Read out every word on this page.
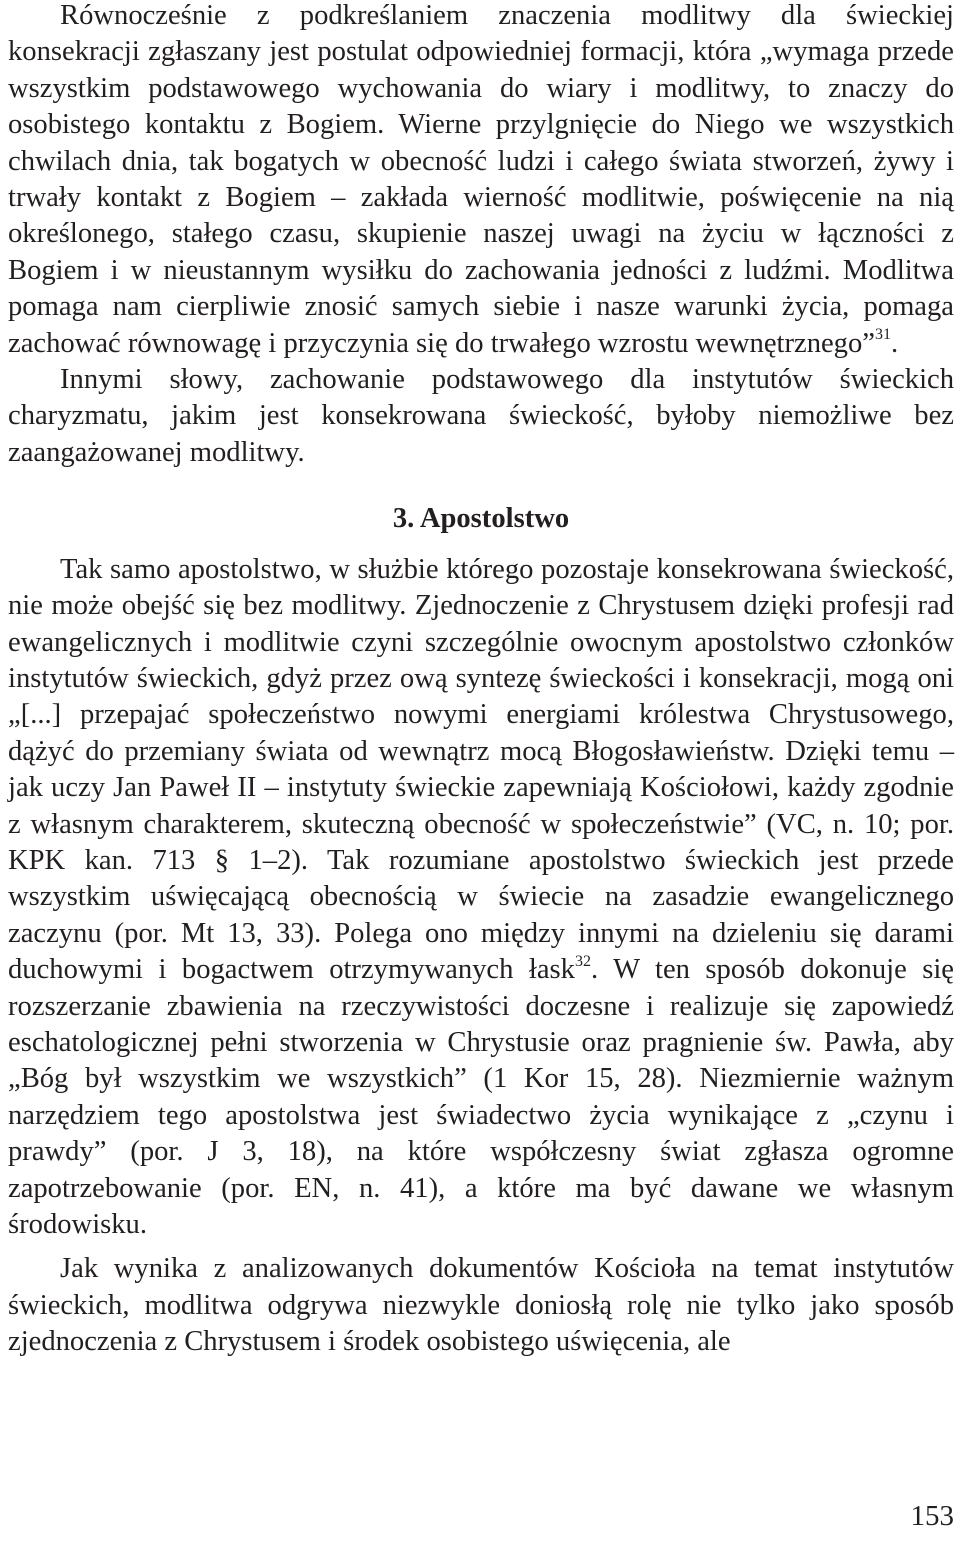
Równocześnie z podkreślaniem znaczenia modlitwy dla świeckiej konsekracji zgłaszany jest postulat odpowiedniej formacji, która „wymaga przede wszystkim podstawowego wychowania do wiary i modlitwy, to znaczy do osobistego kontaktu z Bogiem. Wierne przylgnięcie do Niego we wszystkich chwilach dnia, tak bogatych w obecność ludzi i całego świata stworzeń, żywy i trwały kontakt z Bogiem – zakłada wierność modlitwie, poświęcenie na nią określonego, stałego czasu, skupienie naszej uwagi na życiu w łączności z Bogiem i w nieustannym wysiłku do zachowania jedności z ludźmi. Modlitwa pomaga nam cierpliwie znosić samych siebie i nasze warunki życia, pomaga zachować równowagę i przyczynia się do trwałego wzrostu wewnętrznego”$^{31}$.

Innymi słowy, zachowanie podstawowego dla instytutów świeckich charyzmatu, jakim jest konsekrowana świeckość, byłoby niemożliwe bez zaangażowanej modlitwy.

3. Apostolstwo

Tak samo apostolstwo, w służbie którego pozostaje konsekrowana świeckość, nie może obejść się bez modlitwy. Zjednoczenie z Chrystusem dzięki profesji rad ewangelicznych i modlitwie czyni szczególnie owocnym apostolstwo członków instytutów świeckich, gdyż przez ową syntezę świeckości i konsekracji, mogą oni „[...] przepajać społeczeństwo nowymi energiami królestwa Chrystusowego, dążyć do przemiany świata od wewnątrz mocą Błogosławieństw. Dzięki temu – jak uczy Jan Paweł II – instytuty świeckie zapewniają Kościołowi, każdy zgodnie z własnym charakterem, skuteczną obecność w społeczeństwie” (VC, n. 10; por. KPK kan. 713 § 1–2). Tak rozumiane apostolstwo świeckich jest przede wszystkim uświęcającą obecnością w świecie na zasadzie ewangelicznego zaczynu (por. Mt 13, 33). Polega ono między innymi na dzieleniu się darami duchowymi i bogactwem otrzymywanych łask$^{32}$. W ten sposób dokonuje się rozszerzanie zbawienia na rzeczywistości doczesne i realizuje się zapowiedź eschatologicznej pełni stworzenia w Chrystusie oraz pragnienie św. Pawła, aby „Bóg był wszystkim we wszystkich” (1 Kor 15, 28). Niezmiernie ważnym narzędziem tego apostolstwa jest świadectwo życia wynikające z „czynu i prawdy” (por. J 3, 18), na które współczesny świat zgłasza ogromne zapotrzebowanie (por. EN, n. 41), a które ma być dawane we własnym środowisku.

Jak wynika z analizowanych dokumentów Kościoła na temat instytutów świeckich, modlitwa odgrywa niezwykle doniosłą rolę nie tylko jako sposób zjednoczenia z Chrystusem i środek osobistego uświęcenia, ale

153
